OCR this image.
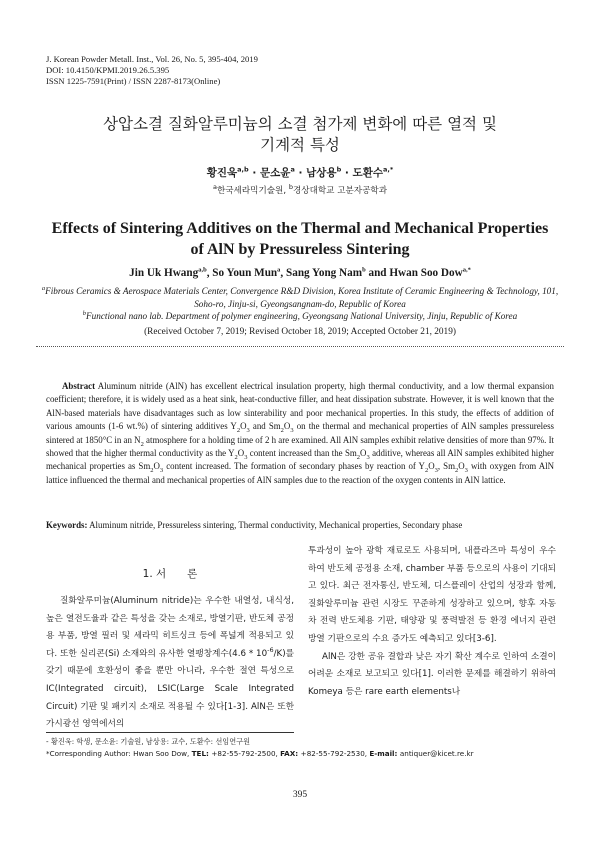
J. Korean Powder Metall. Inst., Vol. 26, No. 5, 395-404, 2019
DOI: 10.4150/KPMI.2019.26.5.395
ISSN 1225-7591(Print) / ISSN 2287-8173(Online)
상압소결 질화알루미늄의 소결 첨가제 변화에 따른 열적 및
기계적 특성
황진욱$^{a,b}$ · 문소윤$^a$ · 남상용$^b$ · 도환수$^{a,*}$
$^a$한국세라믹기술원, $^b$경상대학교 고분자공학과
Effects of Sintering Additives on the Thermal and Mechanical Properties
of AlN by Pressureless Sintering
Jin Uk Hwang$^{a,b}$, So Youn Mun$^a$, Sang Yong Nam$^b$ and Hwan Soo Dow$^{a,*}$
$^a$Fibrous Ceramics & Aerospace Materials Center, Convergence R&D Division, Korea Institute of Ceramic Engineering & Technology, 101, Soho-ro, Jinju-si, Gyeongsangnam-do, Republic of Korea
$^b$Functional nano lab. Department of polymer engineering, Gyeongsang National University, Jinju, Republic of Korea
(Received October 7, 2019; Revised October 18, 2019; Accepted October 21, 2019)
Abstract Aluminum nitride (AlN) has excellent electrical insulation property, high thermal conductivity, and a low thermal expansion coefficient; therefore, it is widely used as a heat sink, heat-conductive filler, and heat dissipation substrate. However, it is well known that the AlN-based materials have disadvantages such as low sinterability and poor mechanical properties. In this study, the effects of addition of various amounts (1-6 wt.%) of sintering additives $Y_2O_3$ and $Sm_2O_3$ on the thermal and mechanical properties of AlN samples pressureless sintered at 1850°C in an $N_2$ atmosphere for a holding time of 2 h are examined. All AlN samples exhibit relative densities of more than 97%. It showed that the higher thermal conductivity as the $Y_2O_3$ content increased than the $Sm_2O_3$ additive, whereas all AlN samples exhibited higher mechanical properties as $Sm_2O_3$ content increased. The formation of secondary phases by reaction of $Y_2O_3$, $Sm_2O_3$ with oxygen from AlN lattice influenced the thermal and mechanical properties of AlN samples due to the reaction of the oxygen contents in AlN lattice.
Keywords: Aluminum nitride, Pressureless sintering, Thermal conductivity, Mechanical properties, Secondary phase
1. 서　　론
질화알루미늄(Aluminum nitride)는 우수한 내열성, 내식성, 높은 열전도율과 같은 특성을 갖는 소재로, 방열기판, 반도체 공정용 부품, 방열 필러 및 세라믹 히트싱크 등에 폭넓게 적용되고 있다. 또한 실리콘(Si) 소재와의 유사한 열팽창계수$(4.6 * 10^{-6}/K)$를 갖기 때문에 호환성이 좋을 뿐만 아니라, 우수한 절연 특성으로 IC(Integrated circuit), LSIC(Large Scale Integrated Circuit) 기판 및 패키지 소재로 적용될 수 있다[1-3]. AlN은 또한 가시광선 영역에서의

투과성이 높아 광학 재료로도 사용되며, 내플라즈마 특성이 우수하여 반도체 공정용 소재, chamber 부품 등으로의 사용이 기대되고 있다. 최근 전자통신, 반도체, 디스플레이 산업의 성장과 함께, 질화알루미늄 관련 시장도 꾸준하게 성장하고 있으며, 향후 자동차 전력 반도체용 기판, 태양광 및 풍력발전 등 환경 에너지 관련 방열 기판으로의 수요 증가도 예측되고 있다[3-6].

AlN은 강한 공유 결합과 낮은 자기 확산 계수로 인하여 소결이 어려운 소재로 보고되고 있다[1]. 이러한 문제를 해결하기 위하여 Komeya 등은 rare earth elements나

- 황진욱: 학생, 문소윤: 기술원, 남상용: 교수, 도환수: 선임연구원
*Corresponding Author: Hwan Soo Dow, TEL: +82-55-792-2500, FAX: +82-55-792-2530, E-mail: antiquer@kicet.re.kr
395
